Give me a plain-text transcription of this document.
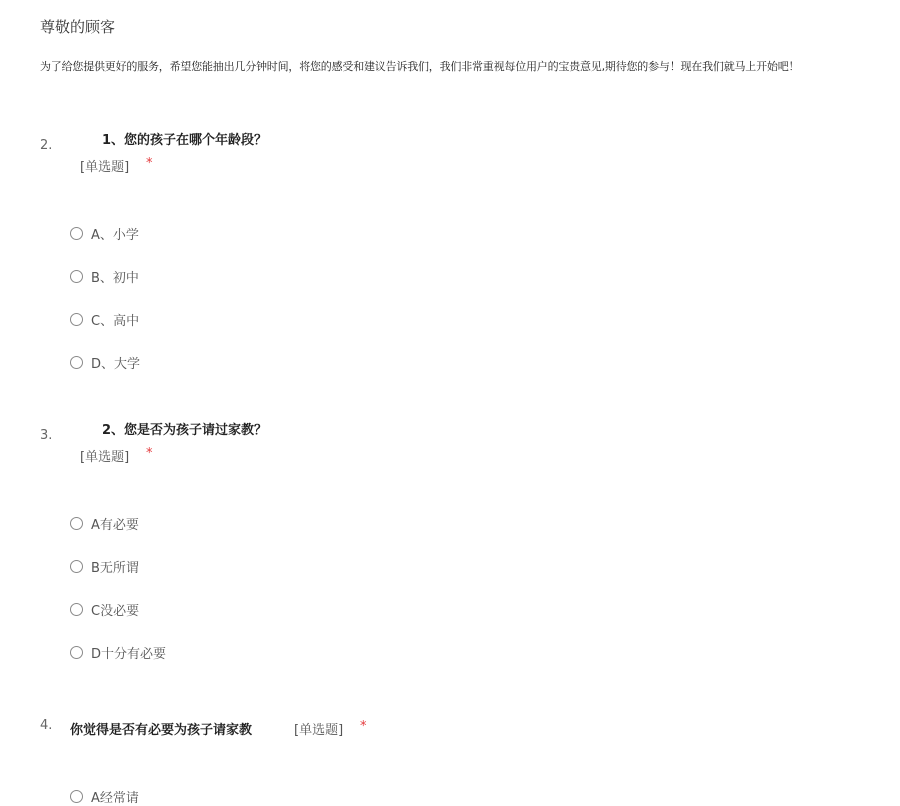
尊敬的顾客

为了给您提供更好的服务，希望您能抽出几分钟时间，将您的感受和建议告诉我们，我们非常重视每位用户的宝贵意见,期待您的参与！现在我们就马上开始吧！

2.	1、您的孩子在哪个年龄段？
[单选题] *
A、小学
B、初中
C、高中
D、大学
3.	2、您是否为孩子请过家教？
[单选题] *
A有必要
B无所谓
C没必要
D十分有必要
4. 你觉得是否有必要为孩子请家教	[单选题] *
A经常请
